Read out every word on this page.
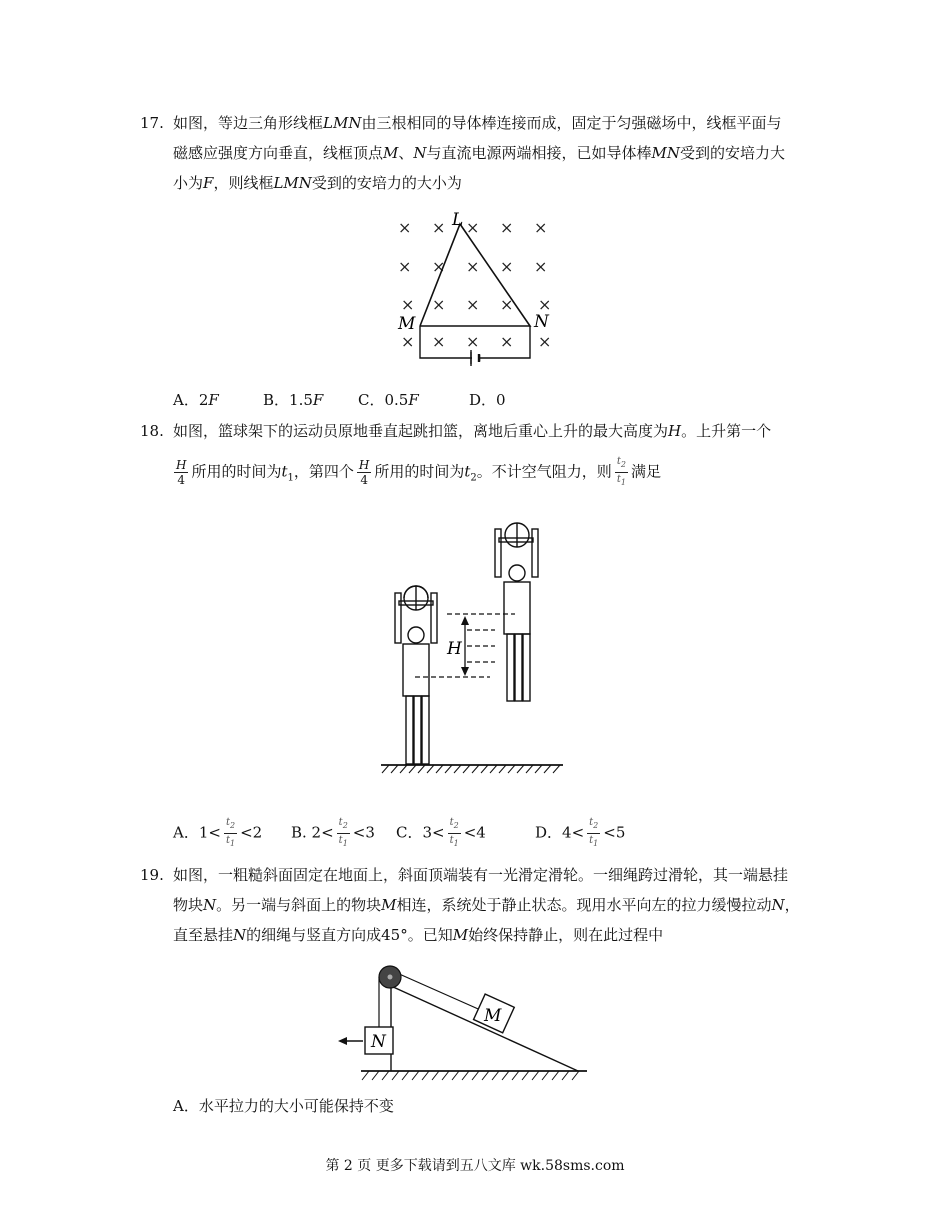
17. 如图，等边三角形线框LMN由三根相同的导体棒连接而成，固定于匀强磁场中，线框平面与
磁感应强度方向垂直，线框顶点M、N与直流电源两端相接，已如导体棒MN受到的安培力大
小为F，则线框LMN受到的安培力的大小为
× × × × ×
× × × × ×
× × × × ×
× × × × ×
L
M	N
A．2F	B．1.5F C．0.5F	D．0
18. 如图，篮球架下的运动员原地垂直起跳扣篮，离地后重心上升的最大高度为H。上升第一个
$\frac{H}{4}$ 所用的时间为$t_1$，第四个 $\frac{H}{4}$ 所用的时间为$t_2$。不计空气阻力，则 $\frac{t_2}{t_1}$ 满足
H
A．$1< \frac{t_2}{t_1} <2$ B. $2< \frac{t_2}{t_1} <3$ C．$3< \frac{t_2}{t_1} <4$	D．$4< \frac{t_2}{t_1} <5$
19. 如图，一粗糙斜面固定在地面上，斜面顶端装有一光滑定滑轮。一细绳跨过滑轮，其一端悬挂
物块N。另一端与斜面上的物块M相连，系统处于静止状态。现用水平向左的拉力缓慢拉动N，
直至悬挂N的细绳与竖直方向成45°。已知M始终保持静止，则在此过程中
M
N
A．水平拉力的大小可能保持不变
第 2 页 更多下载请到五八文库 wk.58sms.com
